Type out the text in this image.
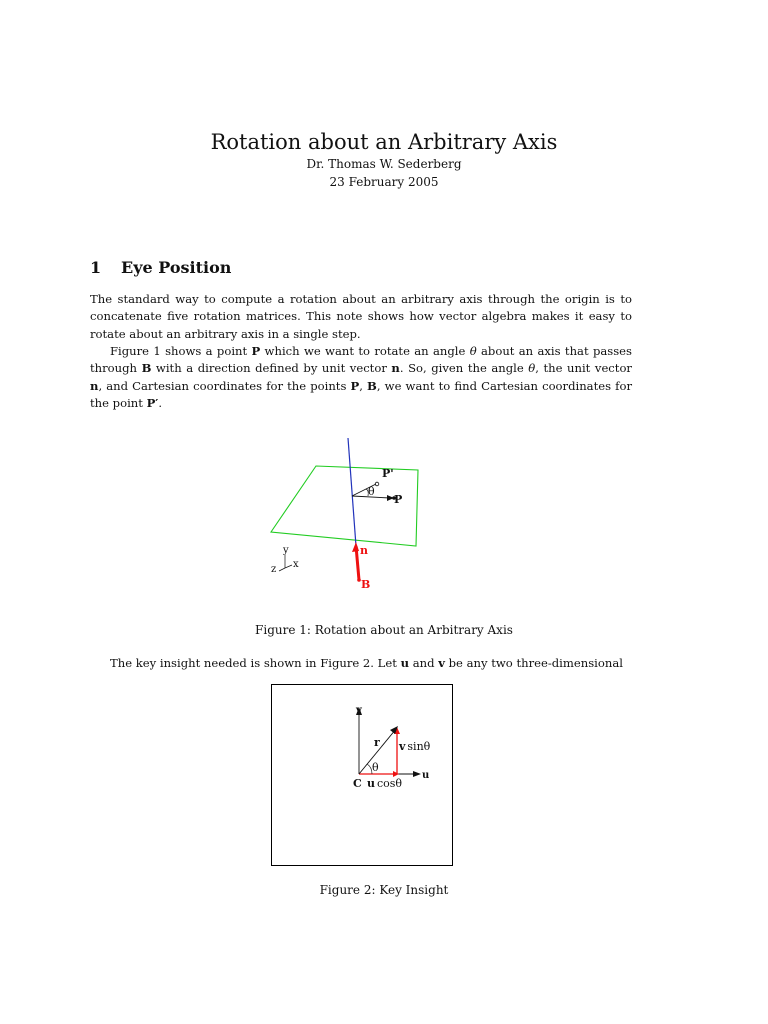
Rotation about an Arbitrary Axis
Dr. Thomas W. Sederberg
23 February 2005
1 Eye Position
The standard way to compute a rotation about an arbitrary axis through the origin is to concatenate five rotation matrices. This note shows how vector algebra makes it easy to rotate about an arbitrary axis in a single step.
Figure 1 shows a point P which we want to rotate an angle θ about an axis that passes through B with a direction defined by unit vector n. So, given the angle θ, the unit vector n, and Cartesian coordinates for the points P, B, we want to find Cartesian coordinates for the point P′.
P'
θ
P
n
B
y
z x
Figure 1: Rotation about an Arbitrary Axis
The key insight needed is shown in Figure 2. Let u and v be any two three-dimensional
v
r v sinθ
θ
u
C u cosθ
Figure 2: Key Insight
